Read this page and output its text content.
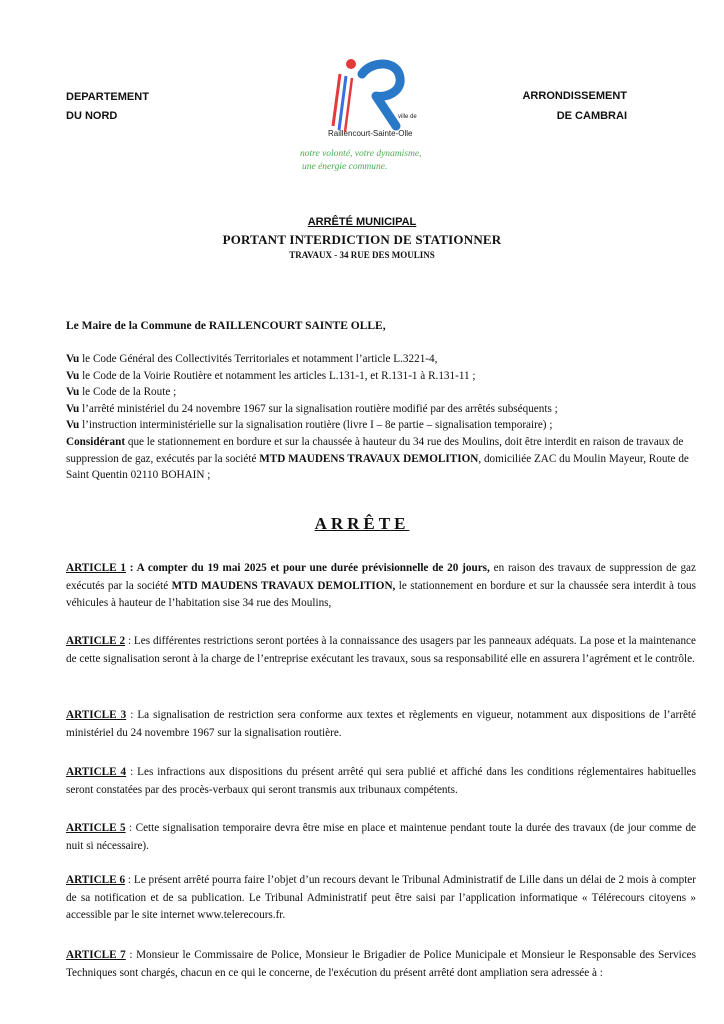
DEPARTEMENT
DU NORD	ville de
Raillencourt-Sainte-Olle
notre volonté, votre dynamisme,
une énergie commune.
ARRONDISSEMENT
DE CAMBRAI
ARRÊTÉ MUNICIPAL
PORTANT INTERDICTION DE STATIONNER
TRAVAUX - 34 RUE DES MOULINS
Le Maire de la Commune de RAILLENCOURT SAINTE OLLE,

Vu le Code Général des Collectivités Territoriales et notamment l’article L.3221-4,

Vu le Code de la Voirie Routière et notamment les articles L.131-1, et R.131-1 à R.131-11 ;

Vu le Code de la Route ;

Vu l’arrêté ministériel du 24 novembre 1967 sur la signalisation routière modifié par des arrêtés subséquents ;

Vu l’instruction interministérielle sur la signalisation routière (livre I – 8e partie – signalisation temporaire) ;

Considérant que le stationnement en bordure et sur la chaussée à hauteur du 34 rue des Moulins, doit être interdit en raison de travaux de suppression de gaz, exécutés par la société MTD MAUDENS TRAVAUX DEMOLITION, domiciliée ZAC du Moulin Mayeur, Route de Saint Quentin 02110 BOHAIN ;

ARRÊTE

ARTICLE 1 : A compter du 19 mai 2025 et pour une durée prévisionnelle de 20 jours, en raison des travaux de suppression de gaz exécutés par la société MTD MAUDENS TRAVAUX DEMOLITION, le stationnement en bordure et sur la chaussée sera interdit à tous véhicules à hauteur de l’habitation sise 34 rue des Moulins,

ARTICLE 2 : Les différentes restrictions seront portées à la connaissance des usagers par les panneaux adéquats. La pose et la maintenance de cette signalisation seront à la charge de l’entreprise exécutant les travaux, sous sa responsabilité elle en assurera l’agrément et le contrôle.

ARTICLE 3 : La signalisation de restriction sera conforme aux textes et règlements en vigueur, notamment aux dispositions de l’arrêté ministériel du 24 novembre 1967 sur la signalisation routière.

ARTICLE 4 : Les infractions aux dispositions du présent arrêté qui sera publié et affiché dans les conditions réglementaires habituelles seront constatées par des procès-verbaux qui seront transmis aux tribunaux compétents.

ARTICLE 5 : Cette signalisation temporaire devra être mise en place et maintenue pendant toute la durée des travaux (de jour comme de nuit si nécessaire).

ARTICLE 6 : Le présent arrêté pourra faire l’objet d’un recours devant le Tribunal Administratif de Lille dans un délai de 2 mois à compter de sa notification et de sa publication. Le Tribunal Administratif peut être saisi par l’application informatique « Télérecours citoyens » accessible par le site internet www.telerecours.fr.

ARTICLE 7 : Monsieur le Commissaire de Police, Monsieur le Brigadier de Police Municipale et Monsieur le Responsable des Services Techniques sont chargés, chacun en ce qui le concerne, de l'exécution du présent arrêté dont ampliation sera adressée à :
